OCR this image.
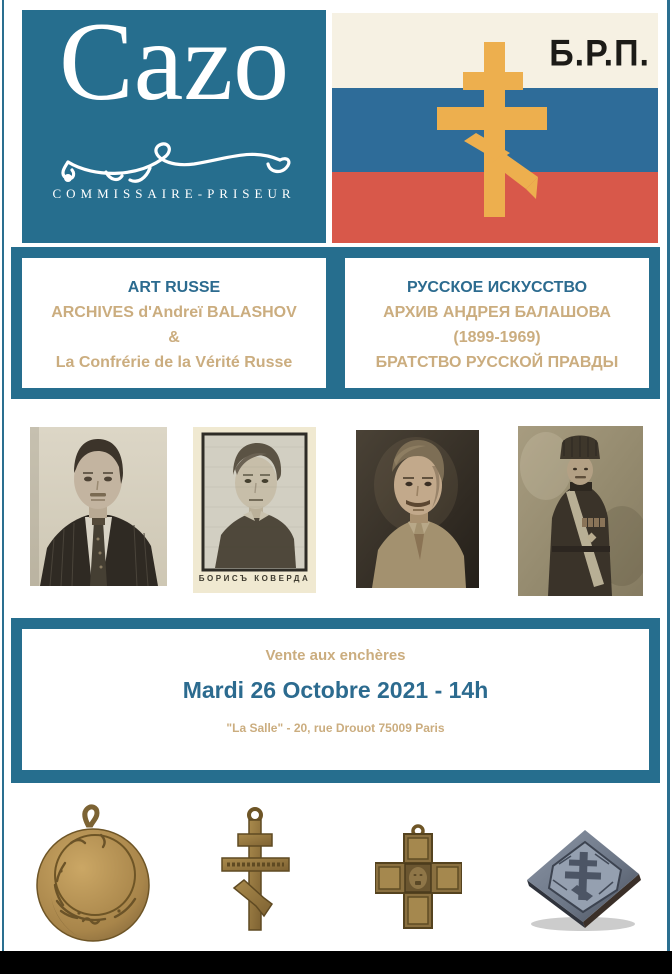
Cazo
COMMISSAIRE-PRISEUR
Б.Р.П.
ART RUSSE
ARCHIVES d'Andreï BALASHOV
&
La Confrérie de la Vérité Russe
РУССКОЕ ИСКУССТВО
АРХИВ АНДРЕЯ БАЛАШОВА
(1899-1969)
БРАТСТВО РУССКОЙ ПРАВДЫ
БОРИСЪ КОВЕРДА
Vente aux enchères
Mardi 26 Octobre 2021 - 14h
"La Salle" - 20, rue Drouot 75009 Paris
